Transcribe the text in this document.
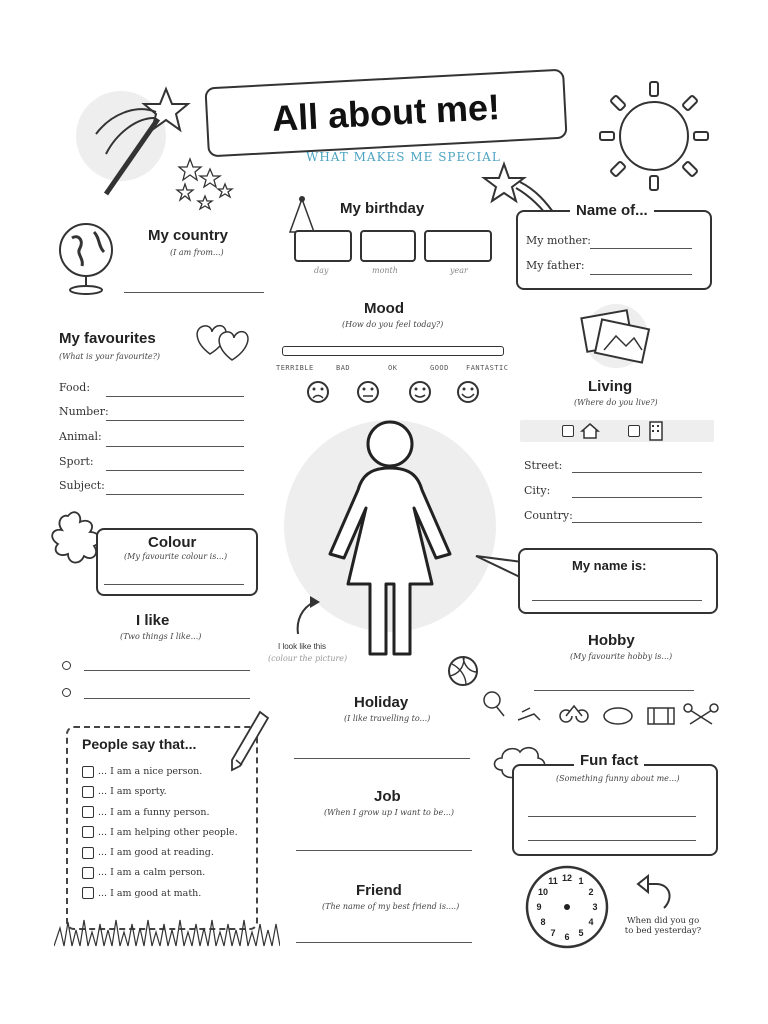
All about me!
WHAT MAKES ME SPECIAL
My birthday
day	month	year
Name of...
My mother:
My father:
My country
(I am from...)
Mood
(How do you feel today?)
TERRIBLE	BAD	OK	GOOD FANTASTIC
My favourites
(What is your favourite?)
Food:
Number:
Animal:
Sport:
Subject:
Living
(Where do you live?)
Street:
City:
Country:
Colour
(My favourite colour is...)
My name is:
I like
(Two things I like...)
I look like this
(colour the picture)
Hobby
(My favourite hobby is...)
Holiday
(I like travelling to...)
People say that...
... I am a nice person.
... I am sporty.
... I am a funny person.
... I am helping other people.
... I am good at reading.
... I am a calm person.
... I am good at math.
Fun fact
(Something funny about me...)
Job
(When I grow up I want to be...)
Friend
(The name of my best friend is....)
12 1
2
3
4
5
6
7
8
9
10
11
When did you go to bed yesterday?
